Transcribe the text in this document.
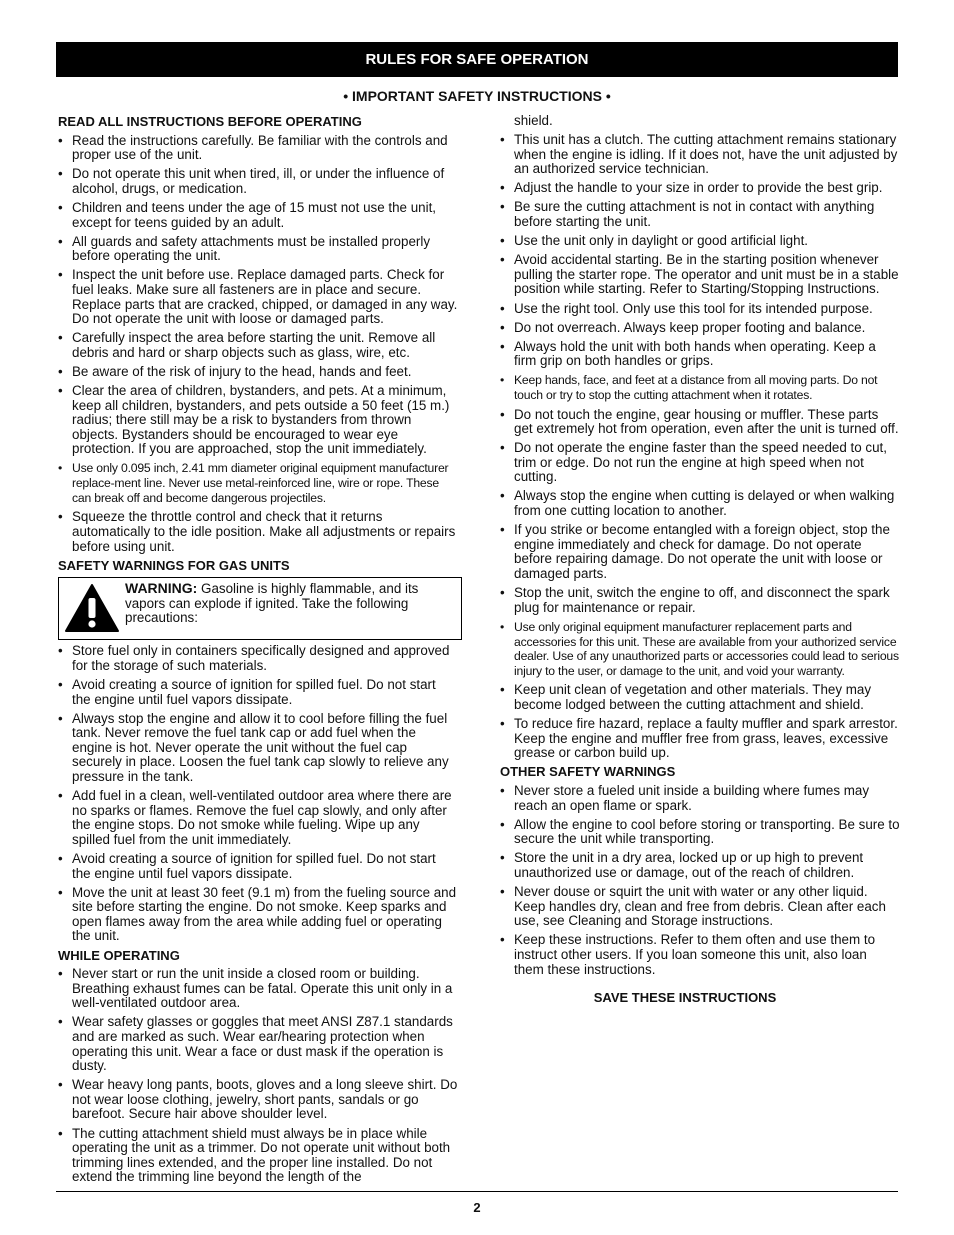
RULES FOR SAFE OPERATION
• IMPORTANT SAFETY INSTRUCTIONS •
READ ALL INSTRUCTIONS BEFORE OPERATING
• Read the instructions carefully. Be familiar with the controls and proper use of the unit.
• Do not operate this unit when tired, ill, or under the influence of alcohol, drugs, or medication.
• Children and teens under the age of 15 must not use the unit, except for teens guided by an adult.
• All guards and safety attachments must be installed properly before operating the unit.
• Inspect the unit before use. Replace damaged parts. Check for fuel leaks. Make sure all fasteners are in place and secure. Replace parts that are cracked, chipped, or damaged in any way. Do not operate the unit with loose or damaged parts.
• Carefully inspect the area before starting the unit. Remove all debris and hard or sharp objects such as glass, wire, etc.
• Be aware of the risk of injury to the head, hands and feet.
• Clear the area of children, bystanders, and pets. At a minimum, keep all children, bystanders, and pets outside a 50 feet (15 m.) radius; there still may be a risk to bystanders from thrown objects. Bystanders should be encouraged to wear eye protection. If you are approached, stop the unit immediately.
• Use only 0.095 inch, 2.41 mm diameter original equipment manufacturer replace-ment line. Never use metal-reinforced line, wire or rope. These can break off and become dangerous projectiles.
• Squeeze the throttle control and check that it returns automatically to the idle position. Make all adjustments or repairs before using unit.
SAFETY WARNINGS FOR GAS UNITS
WARNING: Gasoline is highly flammable, and its vapors can explode if ignited. Take the following precautions:
• Store fuel only in containers specifically designed and approved for the storage of such materials.
• Avoid creating a source of ignition for spilled fuel. Do not start the engine until fuel vapors dissipate.
• Always stop the engine and allow it to cool before filling the fuel tank. Never remove the fuel tank cap or add fuel when the engine is hot. Never operate the unit without the fuel cap securely in place. Loosen the fuel tank cap slowly to relieve any pressure in the tank.
• Add fuel in a clean, well-ventilated outdoor area where there are no sparks or flames. Remove the fuel cap slowly, and only after the engine stops. Do not smoke while fueling. Wipe up any spilled fuel from the unit immediately.
• Avoid creating a source of ignition for spilled fuel. Do not start the engine until fuel vapors dissipate.
• Move the unit at least 30 feet (9.1 m) from the fueling source and site before starting the engine. Do not smoke. Keep sparks and open flames away from the area while adding fuel or operating the unit.
WHILE OPERATING
• Never start or run the unit inside a closed room or building. Breathing exhaust fumes can be fatal. Operate this unit only in a well-ventilated outdoor area.
• Wear safety glasses or goggles that meet ANSI Z87.1 standards and are marked as such. Wear ear/hearing protection when operating this unit. Wear a face or dust mask if the operation is dusty.
• Wear heavy long pants, boots, gloves and a long sleeve shirt. Do not wear loose clothing, jewelry, short pants, sandals or go barefoot. Secure hair above shoulder level.
• The cutting attachment shield must always be in place while operating the unit as a trimmer. Do not operate unit without both trimming lines extended, and the proper line installed. Do not extend the trimming line beyond the length of the
shield.
• This unit has a clutch. The cutting attachment remains stationary when the engine is idling. If it does not, have the unit adjusted by an authorized service technician.
• Adjust the handle to your size in order to provide the best grip.
• Be sure the cutting attachment is not in contact with anything before starting the unit.
• Use the unit only in daylight or good artificial light.
• Avoid accidental starting. Be in the starting position whenever pulling the starter rope. The operator and unit must be in a stable position while starting. Refer to Starting/Stopping Instructions.
• Use the right tool. Only use this tool for its intended purpose.
• Do not overreach. Always keep proper footing and balance.
• Always hold the unit with both hands when operating. Keep a firm grip on both handles or grips.
• Keep hands, face, and feet at a distance from all moving parts. Do not touch or try to stop the cutting attachment when it rotates.
• Do not touch the engine, gear housing or muffler. These parts get extremely hot from operation, even after the unit is turned off.
• Do not operate the engine faster than the speed needed to cut, trim or edge. Do not run the engine at high speed when not cutting.
• Always stop the engine when cutting is delayed or when walking from one cutting location to another.
• If you strike or become entangled with a foreign object, stop the engine immediately and check for damage. Do not operate before repairing damage. Do not operate the unit with loose or damaged parts.
• Stop the unit, switch the engine to off, and disconnect the spark plug for maintenance or repair.
• Use only original equipment manufacturer replacement parts and accessories for this unit. These are available from your authorized service dealer. Use of any unauthorized parts or accessories could lead to serious injury to the user, or damage to the unit, and void your warranty.
• Keep unit clean of vegetation and other materials. They may become lodged between the cutting attachment and shield.
• To reduce fire hazard, replace a faulty muffler and spark arrestor. Keep the engine and muffler free from grass, leaves, excessive grease or carbon build up.
OTHER SAFETY WARNINGS
• Never store a fueled unit inside a building where fumes may reach an open flame or spark.
• Allow the engine to cool before storing or transporting. Be sure to secure the unit while transporting.
• Store the unit in a dry area, locked up or up high to prevent unauthorized use or damage, out of the reach of children.
• Never douse or squirt the unit with water or any other liquid. Keep handles dry, clean and free from debris. Clean after each use, see Cleaning and Storage instructions.
• Keep these instructions. Refer to them often and use them to instruct other users. If you loan someone this unit, also loan them these instructions.
SAVE THESE INSTRUCTIONS
2
